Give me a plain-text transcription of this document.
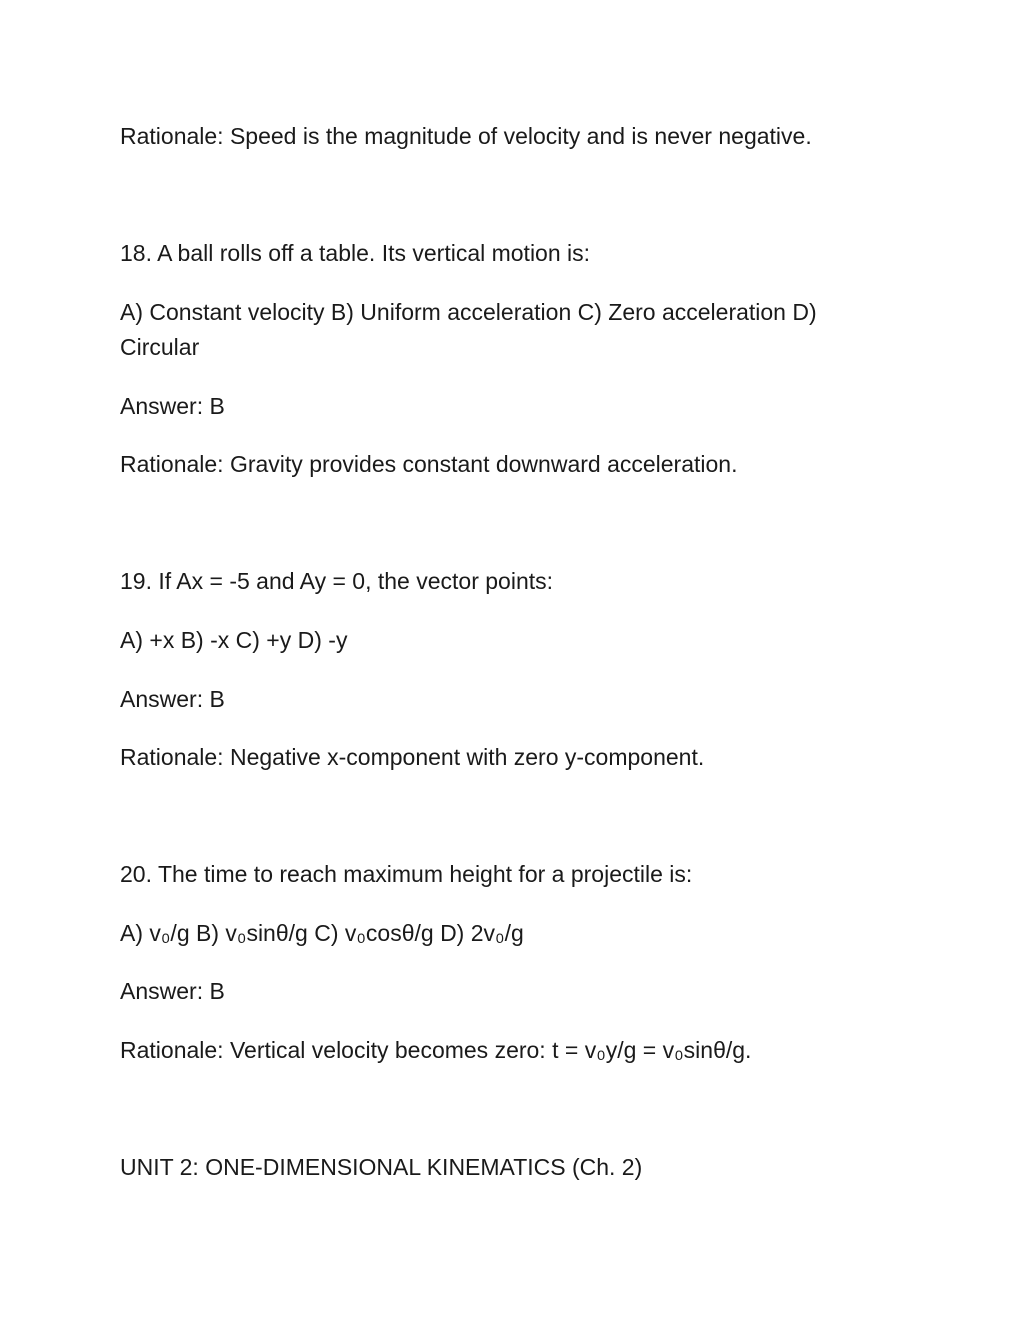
Rationale: Speed is the magnitude of velocity and is never negative.
18. A ball rolls off a table. Its vertical motion is:
A) Constant velocity B) Uniform acceleration C) Zero acceleration D) Circular
Answer: B
Rationale: Gravity provides constant downward acceleration.
19. If Ax = -5 and Ay = 0, the vector points:
A) +x B) -x C) +y D) -y
Answer: B
Rationale: Negative x-component with zero y-component.
20. The time to reach maximum height for a projectile is:
A) v₀/g B) v₀sinθ/g C) v₀cosθ/g D) 2v₀/g
Answer: B
Rationale: Vertical velocity becomes zero: t = v₀y/g = v₀sinθ/g.
UNIT 2: ONE-DIMENSIONAL KINEMATICS (Ch. 2)
